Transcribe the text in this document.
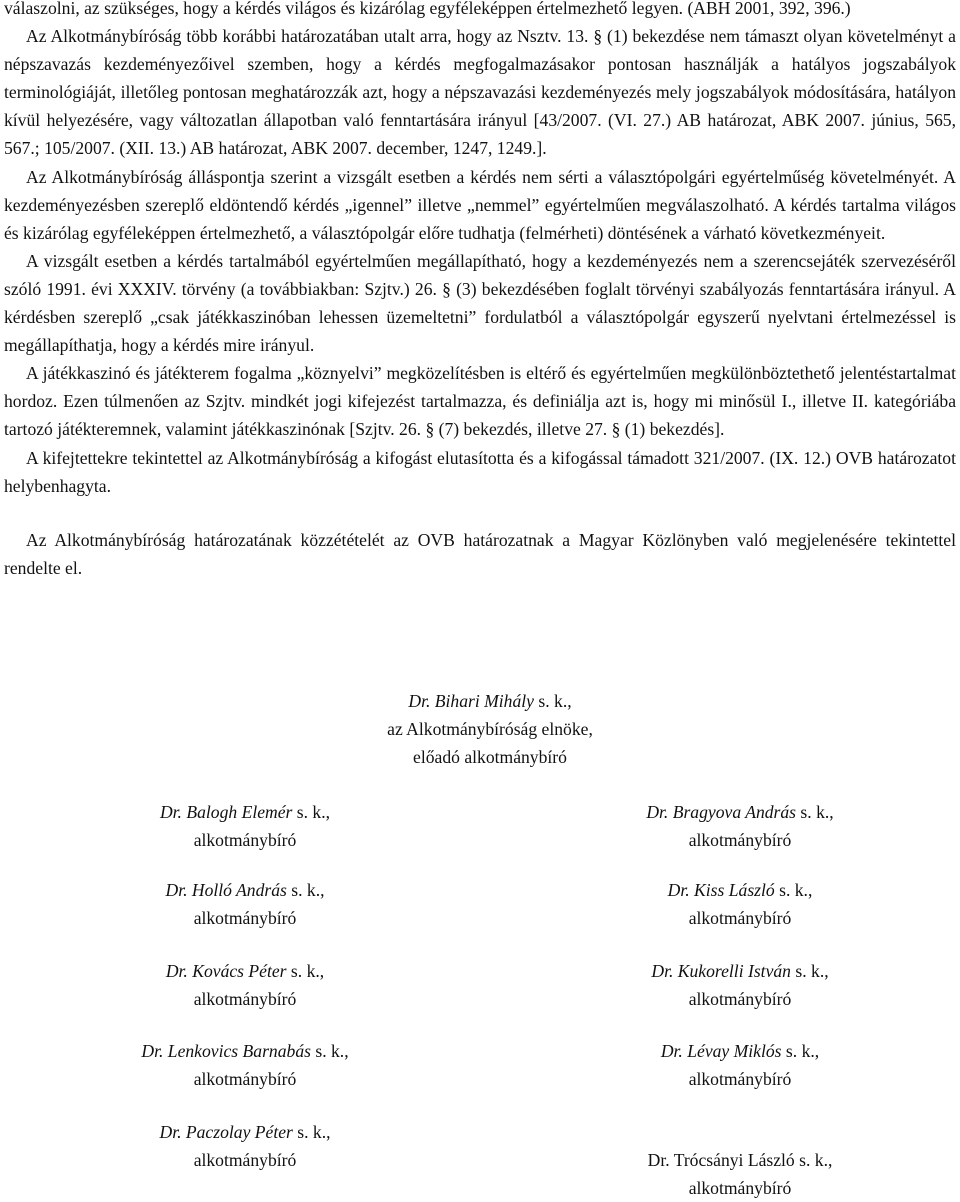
válaszolni, az szükséges, hogy a kérdés világos és kizárólag egyféleképpen értelmezhető legyen. (ABH 2001, 392, 396.)

Az Alkotmánybíróság több korábbi határozatában utalt arra, hogy az Nsztv. 13. § (1) bekezdése nem támaszt olyan követelményt a népszavazás kezdeményezőivel szemben, hogy a kérdés megfogalmazásakor pontosan használják a hatályos jogszabályok terminológiáját, illetőleg pontosan meghatározzák azt, hogy a népszavazási kezdeményezés mely jogszabályok módosítására, hatályon kívül helyezésére, vagy változatlan állapotban való fenntartására irányul [43/2007. (VI. 27.) AB határozat, ABK 2007. június, 565, 567.; 105/2007. (XII. 13.) AB határozat, ABK 2007. december, 1247, 1249.].

Az Alkotmánybíróság álláspontja szerint a vizsgált esetben a kérdés nem sérti a választópolgári egyértelműség követelményét. A kezdeményezésben szereplő eldöntendő kérdés „igennel” illetve „nemmel” egyértelműen megválaszolható. A kérdés tartalma világos és kizárólag egyféleképpen értelmezhető, a választópolgár előre tudhatja (felmérheti) döntésének a várható következményeit.

A vizsgált esetben a kérdés tartalmából egyértelműen megállapítható, hogy a kezdeményezés nem a szerencsejáték szervezéséről szóló 1991. évi XXXIV. törvény (a továbbiakban: Szjtv.) 26. § (3) bekezdésében foglalt törvényi szabályozás fenntartására irányul. A kérdésben szereplő „csak játékkaszinóban lehessen üzemeltetni” fordulatból a választópolgár egyszerű nyelvtani értelmezéssel is megállapíthatja, hogy a kérdés mire irányul.

A játékkaszinó és játékterem fogalma „köznyelvi” megközelítésben is eltérő és egyértelműen megkülönböztethető jelentéstartalmat hordoz. Ezen túlmenően az Szjtv. mindkét jogi kifejezést tartalmazza, és definiálja azt is, hogy mi minősül I., illetve II. kategóriába tartozó játékteremnek, valamint játékkaszinónak [Szjtv. 26. § (7) bekezdés, illetve 27. § (1) bekezdés].

A kifejtettekre tekintettel az Alkotmánybíróság a kifogást elutasította és a kifogással támadott 321/2007. (IX. 12.) OVB határozatot helybenhagyta.

Az Alkotmánybíróság határozatának közzétételét az OVB határozatnak a Magyar Közlönyben való megjelenésére tekintettel rendelte el.

Dr. Bihari Mihály s. k.,
az Alkotmánybíróság elnöke,
előadó alkotmánybíró
Dr. Balogh Elemér s. k.,
alkotmánybíró
Dr. Holló András s. k.,
alkotmánybíró
Dr. Kovács Péter s. k.,
alkotmánybíró
Dr. Lenkovics Barnabás s. k.,
alkotmánybíró
Dr. Paczolay Péter s. k.,
alkotmánybíró
Dr. Bragyova András s. k.,
alkotmánybíró
Dr. Kiss László s. k.,
alkotmánybíró
Dr. Kukorelli István s. k.,
alkotmánybíró
Dr. Lévay Miklós s. k.,
alkotmánybíró
Dr. Trócsányi László s. k.,
alkotmánybíró
